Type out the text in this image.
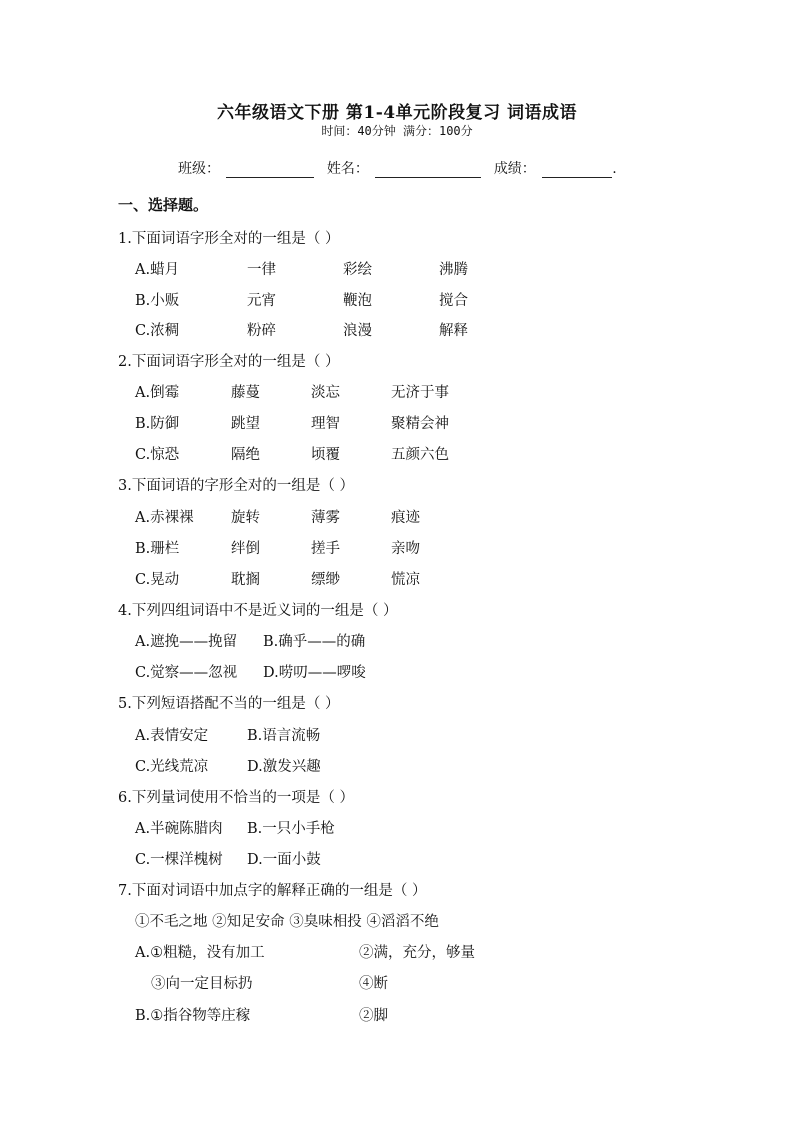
六年级语文下册 第1-4单元阶段复习 词语成语
时间：40分钟 满分：100分
班级：	姓名：	成绩：	.
一、选择题。
1.下面词语字形全对的一组是（ ）
A.蜡月	一律	彩绘	沸腾
B.小贩	元宵	鞭泡	搅合
C.浓稠	粉碎	浪漫	解释
2.下面词语字形全对的一组是（ ）
A.倒霉	藤蔓	淡忘	无济于事
B.防御	跳望	理智	聚精会神
C.惊恐	隔绝	顷覆	五颜六色
3.下面词语的字形全对的一组是（ ）
A.赤裸裸	旋转	薄雾	痕迹
B.珊栏	绊倒	搓手	亲吻
C.晃动	耽搁	缥缈	慌凉
4.下列四组词语中不是近义词的一组是（ ）
A.遮挽——挽留 B.确乎——的确
C.觉察——忽视 D.唠叨——啰唆
5.下列短语搭配不当的一组是（ ）
A.表情安定	B.语言流畅
C.光线荒凉	D.激发兴趣
6.下列量词使用不恰当的一项是（ ）
A.半碗陈腊肉 B.一只小手枪
C.一棵洋槐树 D.一面小鼓
7.下面对词语中加点字的解释正确的一组是（ ）
①不毛之地 ②知足安命 ③臭味相投 ④滔滔不绝
A.①粗糙，没有加工	②满，充分，够量
③向一定目标扔	④断
B.①指谷物等庄稼	②脚
